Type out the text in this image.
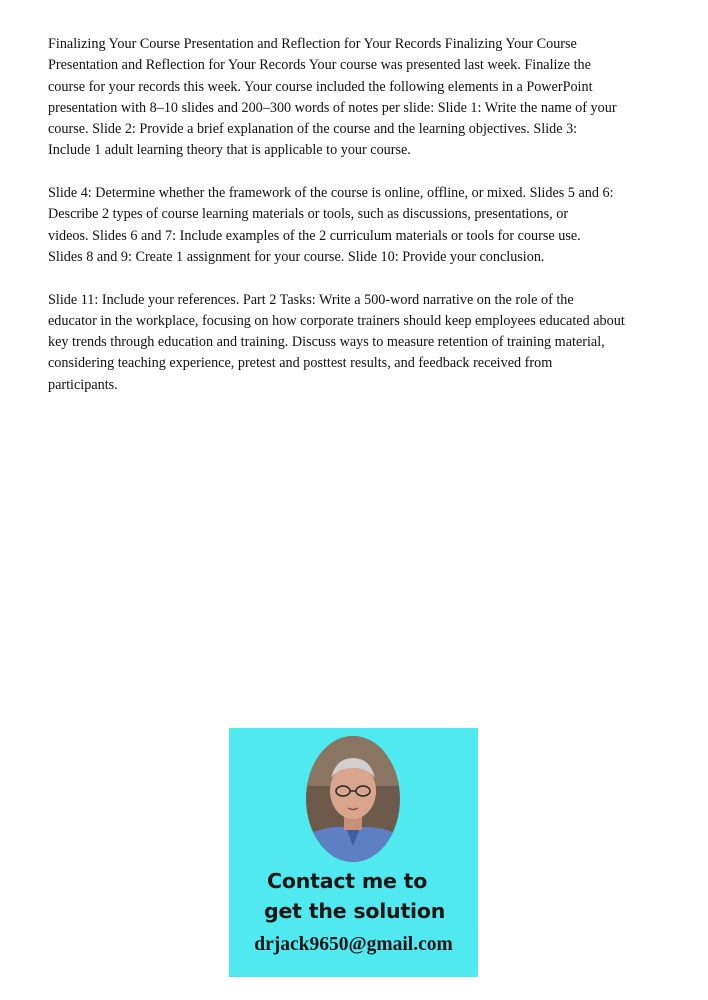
Finalizing Your Course Presentation and Reflection for Your Records Finalizing Your Course
Presentation and Reflection for Your Records Your course was presented last week. Finalize the
course for your records this week. Your course included the following elements in a PowerPoint
presentation with 8–10 slides and 200–300 words of notes per slide: Slide 1: Write the name of your
course. Slide 2: Provide a brief explanation of the course and the learning objectives. Slide 3:
Include 1 adult learning theory that is applicable to your course.

Slide 4: Determine whether the framework of the course is online, offline, or mixed. Slides 5 and 6:
Describe 2 types of course learning materials or tools, such as discussions, presentations, or
videos. Slides 6 and 7: Include examples of the 2 curriculum materials or tools for course use.
Slides 8 and 9: Create 1 assignment for your course. Slide 10: Provide your conclusion.

Slide 11: Include your references. Part 2 Tasks: Write a 500-word narrative on the role of the
educator in the workplace, focusing on how corporate trainers should keep employees educated about
key trends through education and training. Discuss ways to measure retention of training material,
considering teaching experience, pretest and posttest results, and feedback received from
participants.

Contact me to
get the solution
drjack9650@gmail.com
